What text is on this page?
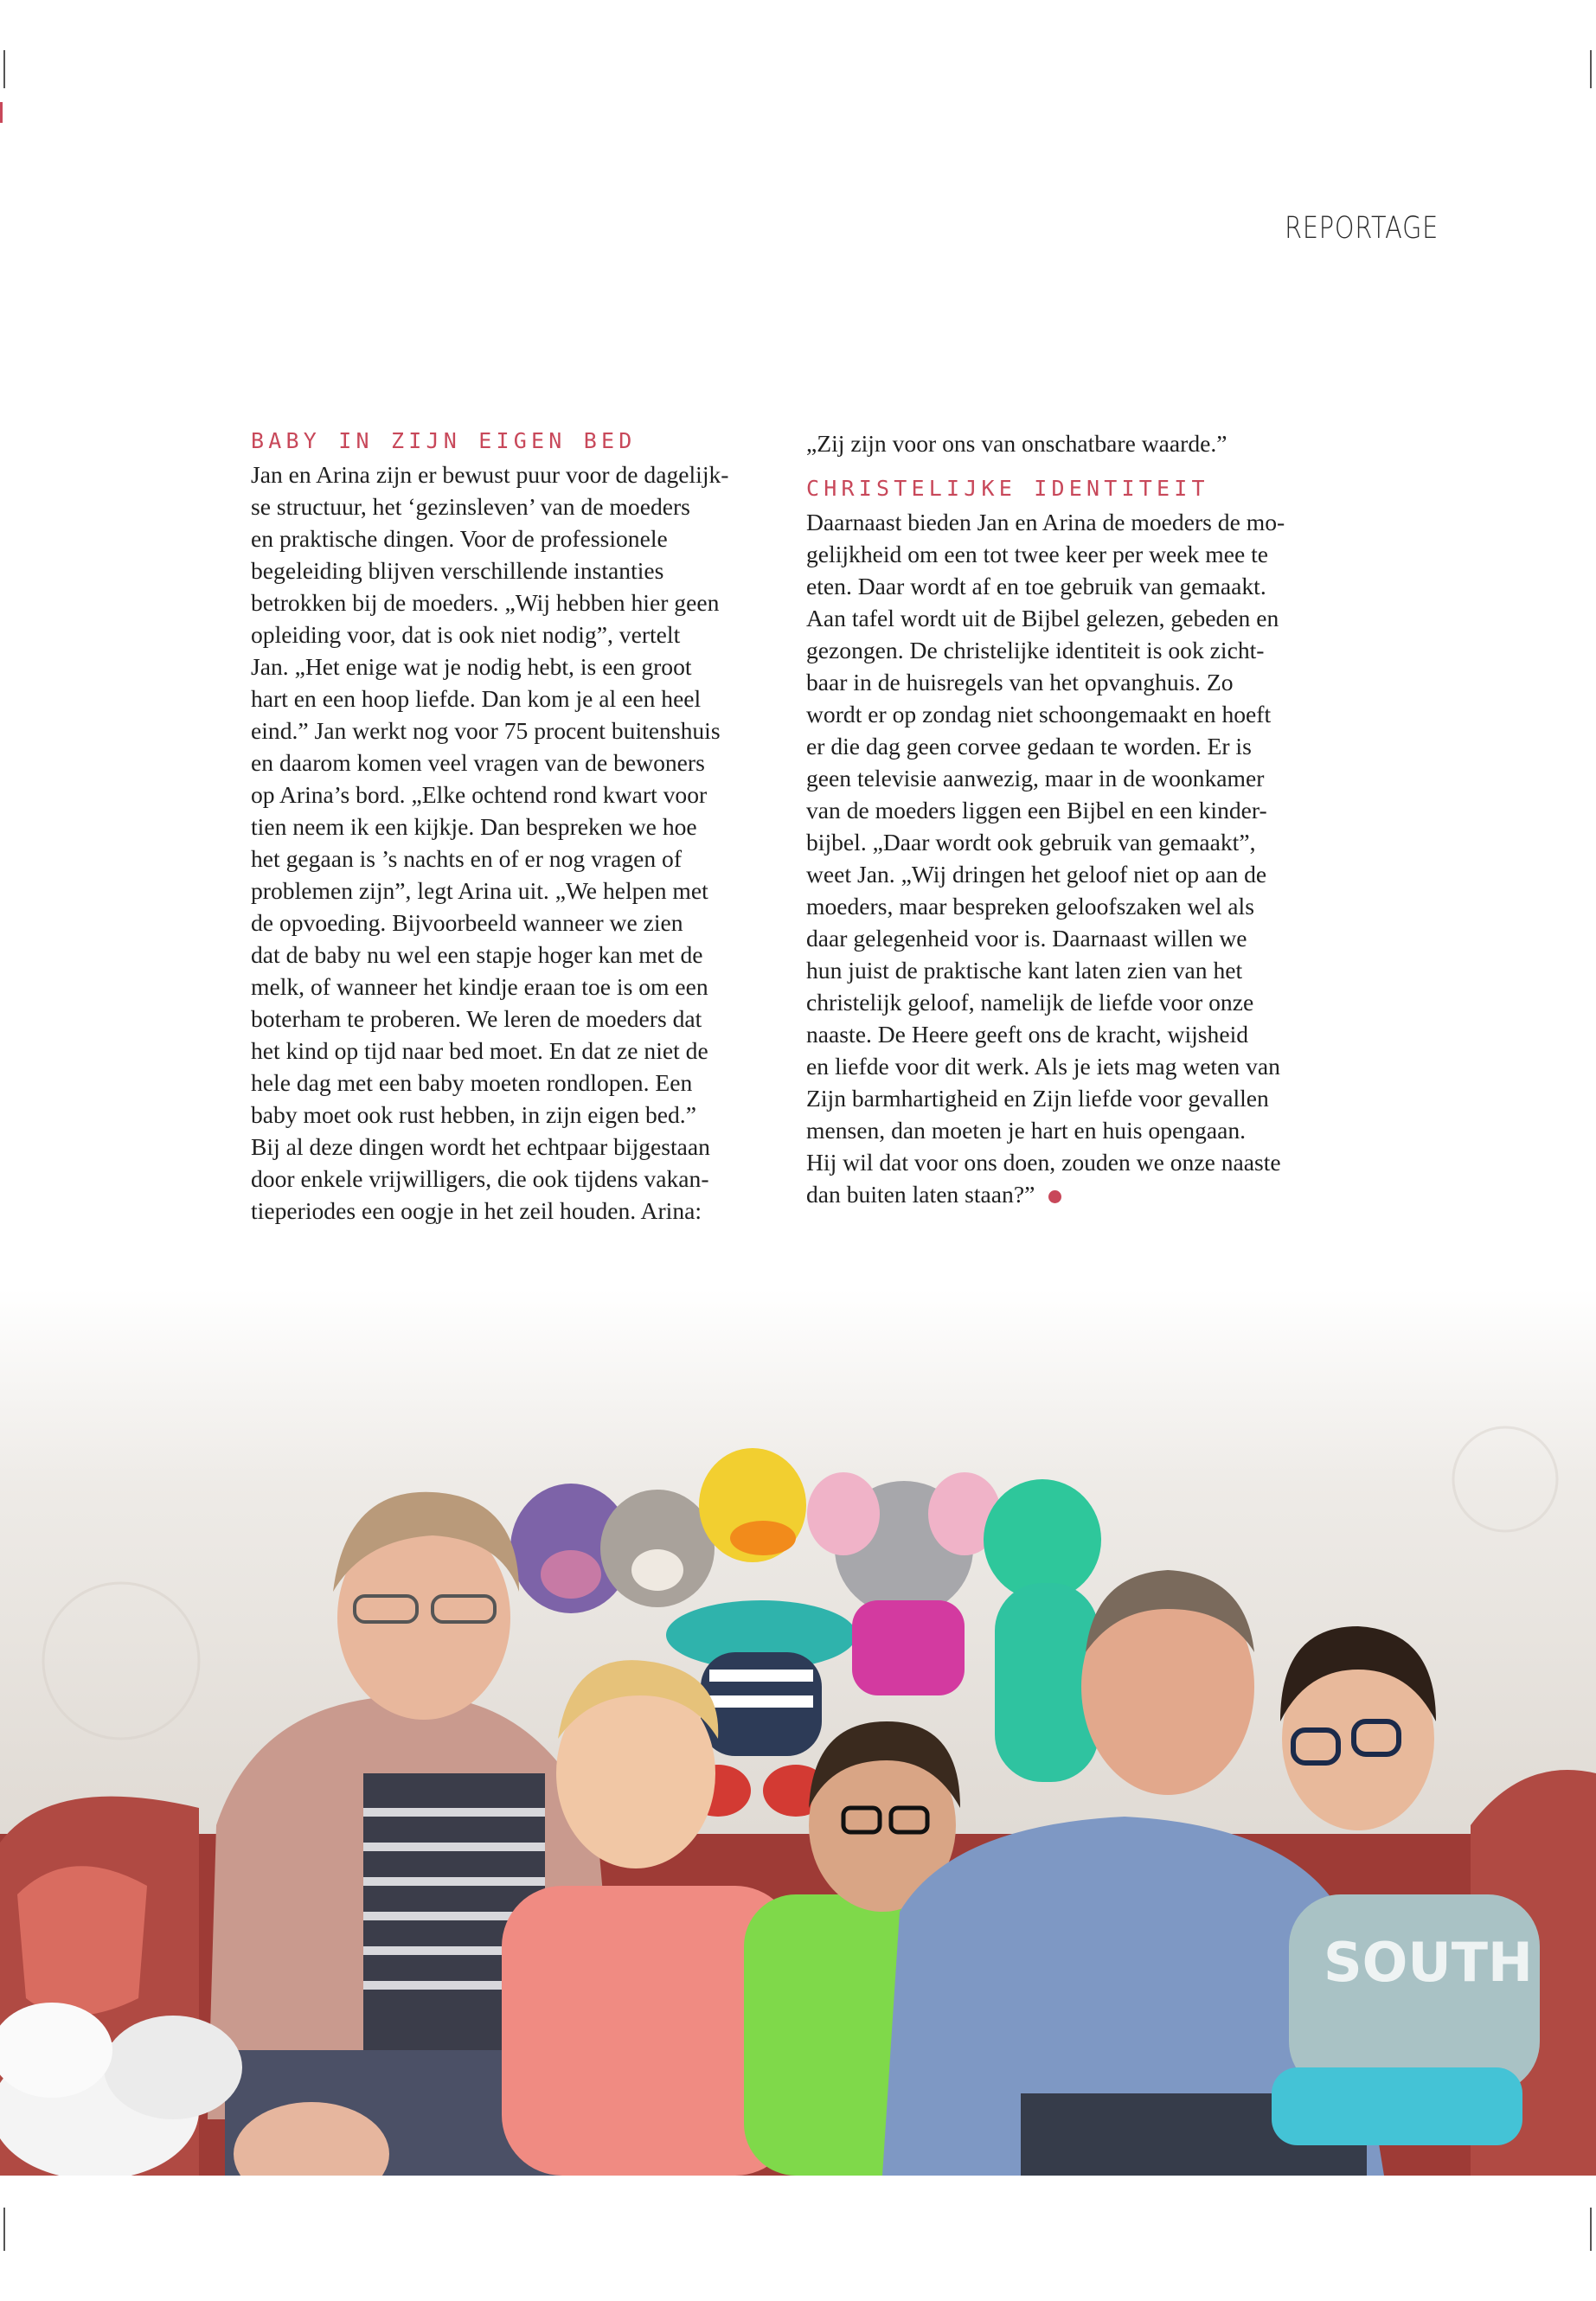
REPORTAGE
BABY IN ZIJN EIGEN BED

Jan en Arina zijn er bewust puur voor de dagelijk-
se structuur, het ‘gezinsleven’ van de moeders
en praktische dingen. Voor de professionele
begeleiding blijven verschillende instanties
betrokken bij de moeders. „Wij hebben hier geen
opleiding voor, dat is ook niet nodig”, vertelt
Jan. „Het enige wat je nodig hebt, is een groot
hart en een hoop liefde. Dan kom je al een heel
eind.” Jan werkt nog voor 75 procent buitenshuis
en daarom komen veel vragen van de bewoners
op Arina’s bord. „Elke ochtend rond kwart voor
tien neem ik een kijkje. Dan bespreken we hoe
het gegaan is ’s nachts en of er nog vragen of
problemen zijn”, legt Arina uit. „We helpen met
de opvoeding. Bijvoorbeeld wanneer we zien
dat de baby nu wel een stapje hoger kan met de
melk, of wanneer het kindje eraan toe is om een
boterham te proberen. We leren de moeders dat
het kind op tijd naar bed moet. En dat ze niet de
hele dag met een baby moeten rondlopen. Een
baby moet ook rust hebben, in zijn eigen bed.”
Bij al deze dingen wordt het echtpaar bijgestaan
door enkele vrijwilligers, die ook tijdens vakan-
tieperiodes een oogje in het zeil houden. Arina:

„Zij zijn voor ons van onschatbare waarde.”

CHRISTELIJKE IDENTITEIT

Daarnaast bieden Jan en Arina de moeders de mo-
gelijkheid om een tot twee keer per week mee te
eten. Daar wordt af en toe gebruik van gemaakt.
Aan tafel wordt uit de Bijbel gelezen, gebeden en
gezongen. De christelijke identiteit is ook zicht-
baar in de huisregels van het opvanghuis. Zo
wordt er op zondag niet schoongemaakt en hoeft
er die dag geen corvee gedaan te worden. Er is
geen televisie aanwezig, maar in de woonkamer
van de moeders liggen een Bijbel en een kinder-
bijbel. „Daar wordt ook gebruik van gemaakt”,
weet Jan. „Wij dringen het geloof niet op aan de
moeders, maar bespreken geloofszaken wel als
daar gelegenheid voor is. Daarnaast willen we
hun juist de praktische kant laten zien van het
christelijk geloof, namelijk de liefde voor onze
naaste. De Heere geeft ons de kracht, wijsheid
en liefde voor dit werk. Als je iets mag weten van
Zijn barmhartigheid en Zijn liefde voor gevallen
mensen, dan moeten je hart en huis opengaan.
Hij wil dat voor ons doen, zouden we onze naaste

dan buiten laten staan?”

SOUTH
